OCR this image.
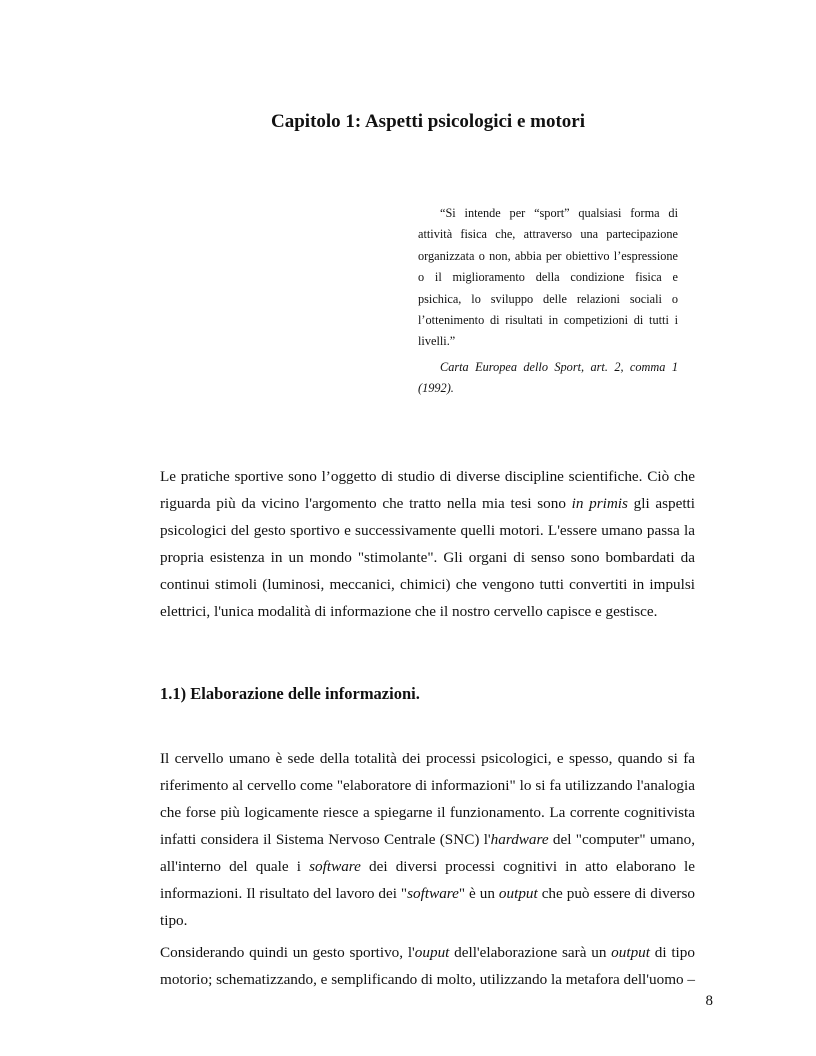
Capitolo 1: Aspetti psicologici e motori

“Si intende per “sport” qualsiasi forma di attività fisica che, attraverso una partecipazione organizzata o non, abbia per obiettivo l’espressione o il miglioramento della condizione fisica e psichica, lo sviluppo delle relazioni sociali o l’ottenimento di risultati in competizioni di tutti i livelli.”

Carta Europea dello Sport, art. 2, comma 1 (1992).

Le pratiche sportive sono l’oggetto di studio di diverse discipline scientifiche. Ciò che riguarda più da vicino l'argomento che tratto nella mia tesi sono in primis gli aspetti psicologici del gesto sportivo e successivamente quelli motori. L'essere umano passa la propria esistenza in un mondo "stimolante". Gli organi di senso sono bombardati da continui stimoli (luminosi, meccanici, chimici) che vengono tutti convertiti in impulsi elettrici, l'unica modalità di informazione che il nostro cervello capisce e gestisce.

1.1) Elaborazione delle informazioni.

Il cervello umano è sede della totalità dei processi psicologici, e spesso, quando si fa riferimento al cervello come "elaboratore di informazioni" lo si fa utilizzando l'analogia che forse più logicamente riesce a spiegarne il funzionamento. La corrente cognitivista infatti considera il Sistema Nervoso Centrale (SNC) l'hardware del "computer" umano, all'interno del quale i software dei diversi processi cognitivi in atto elaborano le informazioni. Il risultato del lavoro dei "software" è un output che può essere di diverso tipo.

Considerando quindi un gesto sportivo, l'ouput dell'elaborazione sarà un output di tipo motorio; schematizzando, e semplificando di molto, utilizzando la metafora dell'uomo –

8
